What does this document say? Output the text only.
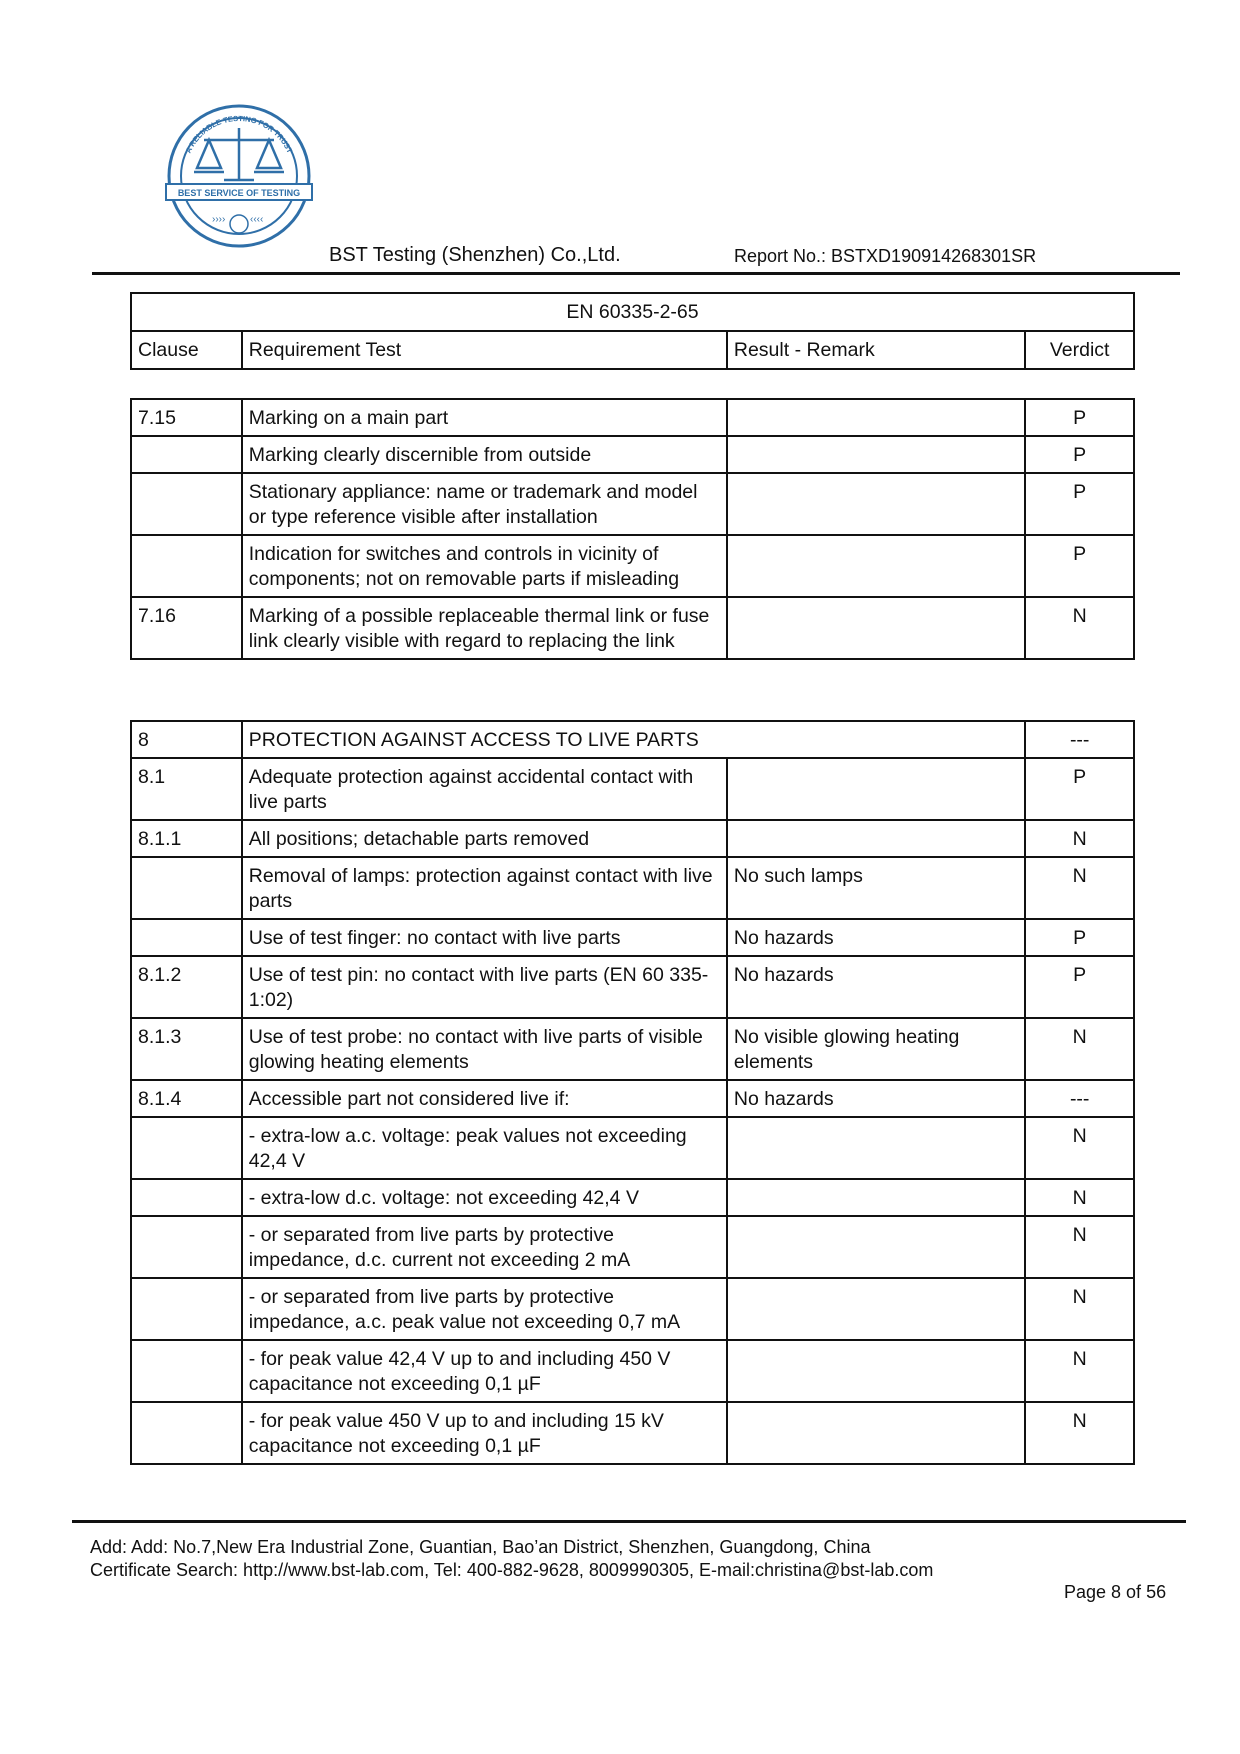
A RELIABLE TESTING FOR TRUST
BEST SERVICE OF TESTING
›››› ‹‹‹‹
BST Testing (Shenzhen) Co.,Ltd.	Report No.: BSTXD190914268301SR
EN 60335-2-65
Clause	Requirement Test	Result - Remark	Verdict
7.15	Marking on a main part		P
	Marking clearly discernible from outside		P
	Stationary appliance: name or trademark and model or type reference visible after installation		P
	Indication for switches and controls in vicinity of components; not on removable parts if misleading		P
7.16	Marking of a possible replaceable thermal link or fuse link clearly visible with regard to replacing the link		N
8	PROTECTION AGAINST ACCESS TO LIVE PARTS		---
8.1	Adequate protection against accidental contact with live parts		P
8.1.1	All positions; detachable parts removed		N
	Removal of lamps: protection against contact with live parts	No such lamps	N
	Use of test finger: no contact with live parts	No hazards	P
8.1.2	Use of test pin: no contact with live parts (EN 60 335-1:02)	No hazards	P
8.1.3	Use of test probe: no contact with live parts of visible glowing heating elements	No visible glowing heating elements	N
8.1.4	Accessible part not considered live if:	No hazards	---
	- extra-low a.c. voltage: peak values not exceeding 42,4 V		N
	- extra-low d.c. voltage: not exceeding 42,4 V		N
	- or separated from live parts by protective impedance, d.c. current not exceeding 2 mA		N
	- or separated from live parts by protective impedance, a.c. peak value not exceeding 0,7 mA		N
	- for peak value 42,4 V up to and including 450 V capacitance not exceeding 0,1 µF		N
	- for peak value 450 V up to and including 15 kV capacitance not exceeding 0,1 µF		N
Add: Add: No.7,New Era Industrial Zone, Guantian, Bao’an District, Shenzhen, Guangdong, China
Certificate Search: http://www.bst-lab.com, Tel: 400-882-9628, 8009990305, E-mail:christina@bst-lab.com
Page 8 of 56
